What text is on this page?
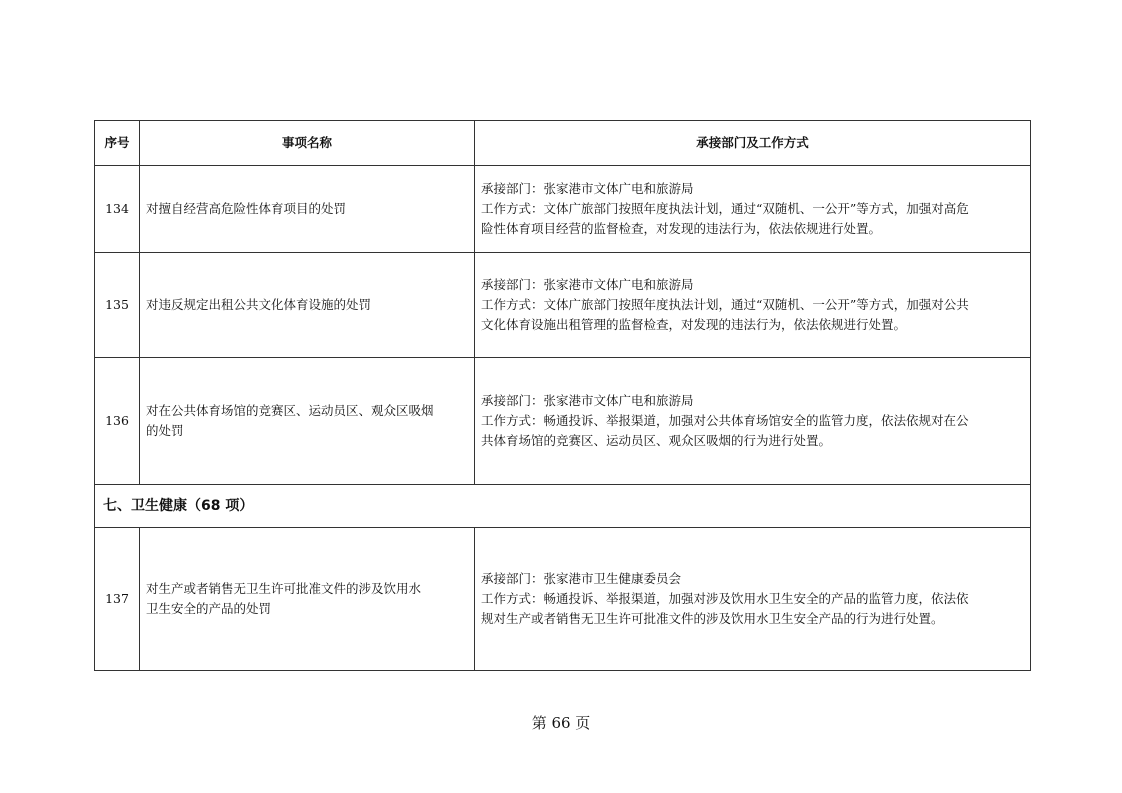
序号	事项名称	承接部门及工作方式
134	对擅自经营高危险性体育项目的处罚	承接部门：张家港市文体广电和旅游局
工作方式：文体广旅部门按照年度执法计划，通过“双随机、一公开”等方式，加强对高危
险性体育项目经营的监督检查，对发现的违法行为，依法依规进行处置。

135	对违反规定出租公共文化体育设施的处罚	承接部门：张家港市文体广电和旅游局
工作方式：文体广旅部门按照年度执法计划，通过“双随机、一公开”等方式，加强对公共
文化体育设施出租管理的监督检查，对发现的违法行为，依法依规进行处置。

136	对在公共体育场馆的竞赛区、运动员区、观众区吸烟
的处罚	承接部门：张家港市文体广电和旅游局
工作方式：畅通投诉、举报渠道，加强对公共体育场馆安全的监管力度，依法依规对在公
共体育场馆的竞赛区、运动员区、观众区吸烟的行为进行处置。

七、卫生健康（68 项）		
137	对生产或者销售无卫生许可批准文件的涉及饮用水
卫生安全的产品的处罚	承接部门：张家港市卫生健康委员会
工作方式：畅通投诉、举报渠道，加强对涉及饮用水卫生安全的产品的监管力度，依法依
规对生产或者销售无卫生许可批准文件的涉及饮用水卫生安全产品的行为进行处置。
第 66 页
